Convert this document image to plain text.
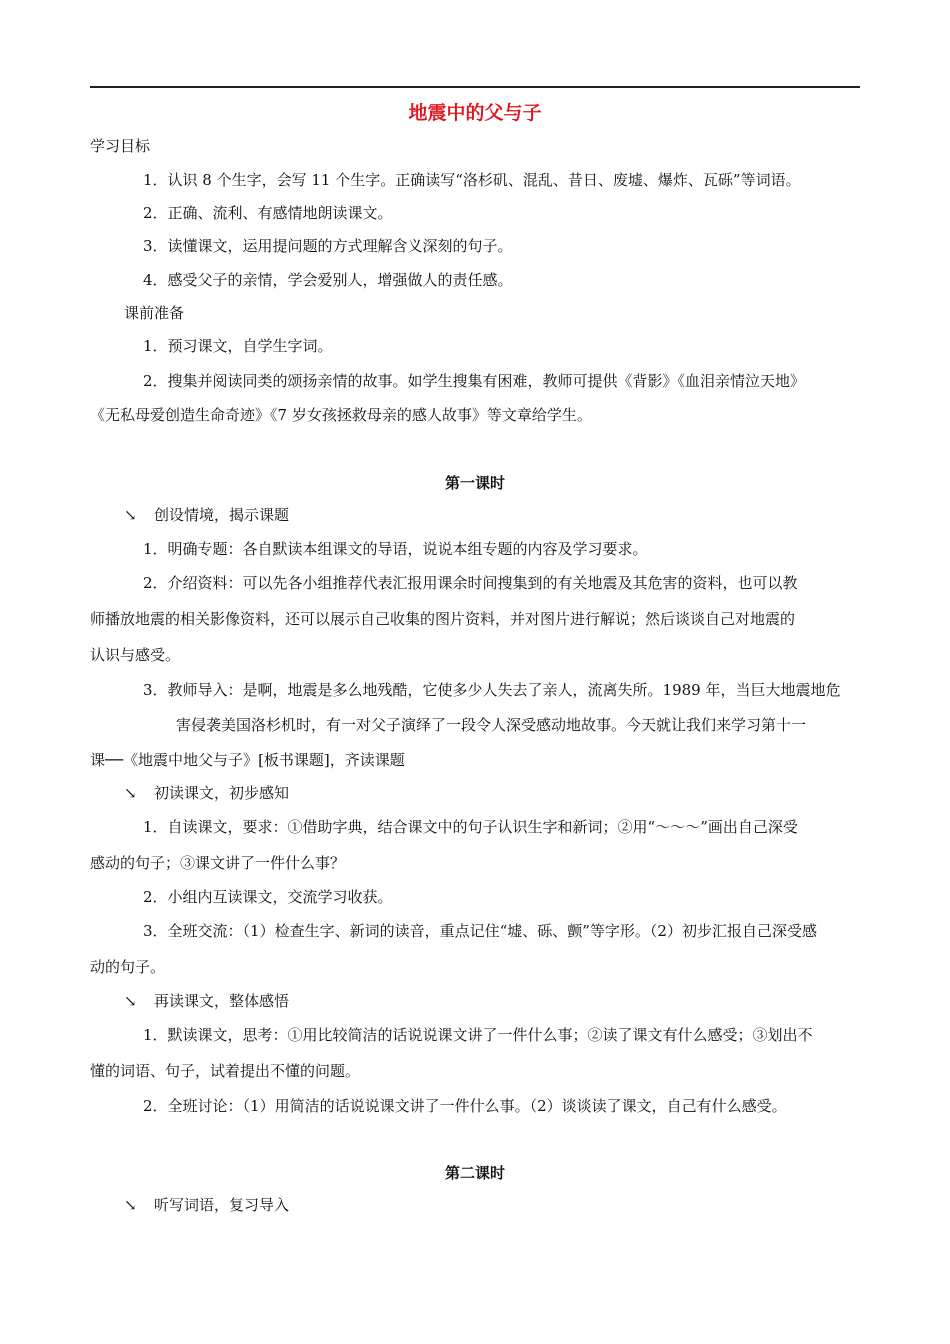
地震中的父与子
学习目标
1．认识 8 个生字，会写 11 个生字。正确读写“洛杉矶、混乱、昔日、废墟、爆炸、瓦砾”等词语。
2．正确、流利、有感情地朗读课文。
3．读懂课文，运用提问题的方式理解含义深刻的句子。
4．感受父子的亲情，学会爱别人，增强做人的责任感。
课前准备
1．预习课文，自学生字词。
2．搜集并阅读同类的颂扬亲情的故事。如学生搜集有困难，教师可提供《背影》《血泪亲情泣天地》
《无私母爱创造生命奇迹》《7 岁女孩拯救母亲的感人故事》等文章给学生。
第一课时
↘ 创设情境，揭示课题
1．明确专题：各自默读本组课文的导语，说说本组专题的内容及学习要求。
2．介绍资料：可以先各小组推荐代表汇报用课余时间搜集到的有关地震及其危害的资料，也可以教
师播放地震的相关影像资料，还可以展示自己收集的图片资料，并对图片进行解说；然后谈谈自己对地震的
认识与感受。
3．教师导入：是啊，地震是多么地残酷，它使多少人失去了亲人，流离失所。1989 年，当巨大地震地危
害侵袭美国洛杉机时，有一对父子演绎了一段令人深受感动地故事。今天就让我们来学习第十一
课──《地震中地父与子》[板书课题]，齐读课题
↘ 初读课文，初步感知
1．自读课文，要求：①借助字典，结合课文中的句子认识生字和新词；②用“～～～”画出自己深受
感动的句子；③课文讲了一件什么事？
2．小组内互读课文，交流学习收获。
3．全班交流：（1）检查生字、新词的读音，重点记住“墟、砾、颤”等字形。（2）初步汇报自己深受感
动的句子。
↘ 再读课文，整体感悟
1．默读课文，思考：①用比较简洁的话说说课文讲了一件什么事；②读了课文有什么感受；③划出不
懂的词语、句子，试着提出不懂的问题。
2．全班讨论：（1）用简洁的话说说课文讲了一件什么事。（2）谈谈读了课文，自己有什么感受。
第二课时
↘ 听写词语，复习导入
